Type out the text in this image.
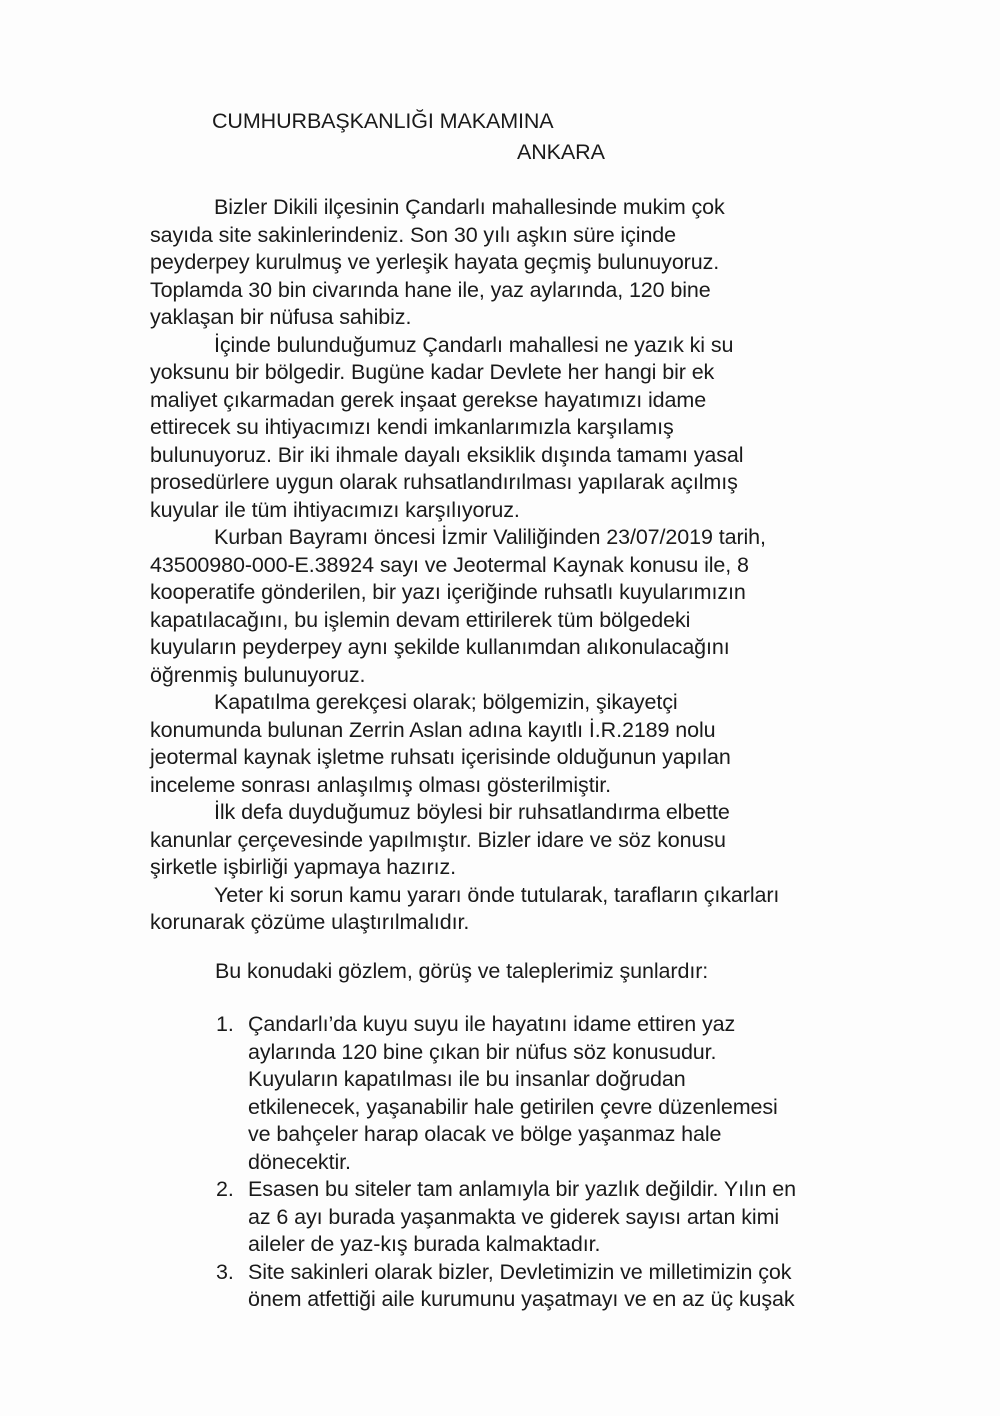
CUMHURBAŞKANLIĞI MAKAMINA
ANKARA
Bizler Dikili ilçesinin Çandarlı mahallesinde mukim çok
sayıda site sakinlerindeniz. Son 30 yılı aşkın süre içinde
peyderpey kurulmuş ve yerleşik hayata geçmiş bulunuyoruz.
Toplamda 30 bin civarında hane ile, yaz aylarında, 120 bine
yaklaşan bir nüfusa sahibiz.
İçinde bulunduğumuz Çandarlı mahallesi ne yazık ki su
yoksunu bir bölgedir. Bugüne kadar Devlete her hangi bir ek
maliyet çıkarmadan gerek inşaat gerekse hayatımızı idame
ettirecek su ihtiyacımızı kendi imkanlarımızla karşılamış
bulunuyoruz. Bir iki ihmale dayalı eksiklik dışında tamamı yasal
prosedürlere uygun olarak ruhsatlandırılması yapılarak açılmış
kuyular ile tüm ihtiyacımızı karşılıyoruz.
Kurban Bayramı öncesi İzmir Valiliğinden 23/07/2019 tarih,
43500980-000-E.38924 sayı ve Jeotermal Kaynak konusu ile, 8
kooperatife gönderilen, bir yazı içeriğinde ruhsatlı kuyularımızın
kapatılacağını, bu işlemin devam ettirilerek tüm bölgedeki
kuyuların peyderpey aynı şekilde kullanımdan alıkonulacağını
öğrenmiş bulunuyoruz.
Kapatılma gerekçesi olarak; bölgemizin, şikayetçi
konumunda bulunan Zerrin Aslan adına kayıtlı İ.R.2189 nolu
jeotermal kaynak işletme ruhsatı içerisinde olduğunun yapılan
inceleme sonrası anlaşılmış olması gösterilmiştir.
İlk defa duyduğumuz böylesi bir ruhsatlandırma elbette
kanunlar çerçevesinde yapılmıştır. Bizler idare ve söz konusu
şirketle işbirliği yapmaya hazırız.
Yeter ki sorun kamu yararı önde tutularak, tarafların çıkarları
korunarak çözüme ulaştırılmalıdır.
Bu konudaki gözlem, görüş ve taleplerimiz şunlardır:
1. Çandarlı’da kuyu suyu ile hayatını idame ettiren yaz
aylarında 120 bine çıkan bir nüfus söz konusudur.
Kuyuların kapatılması ile bu insanlar doğrudan
etkilenecek, yaşanabilir hale getirilen çevre düzenlemesi
ve bahçeler harap olacak ve bölge yaşanmaz hale
dönecektir.
2. Esasen bu siteler tam anlamıyla bir yazlık değildir. Yılın en
az 6 ayı burada yaşanmakta ve giderek sayısı artan kimi
aileler de yaz-kış burada kalmaktadır.
3. Site sakinleri olarak bizler, Devletimizin ve milletimizin çok
önem atfettiği aile kurumunu yaşatmayı ve en az üç kuşak
